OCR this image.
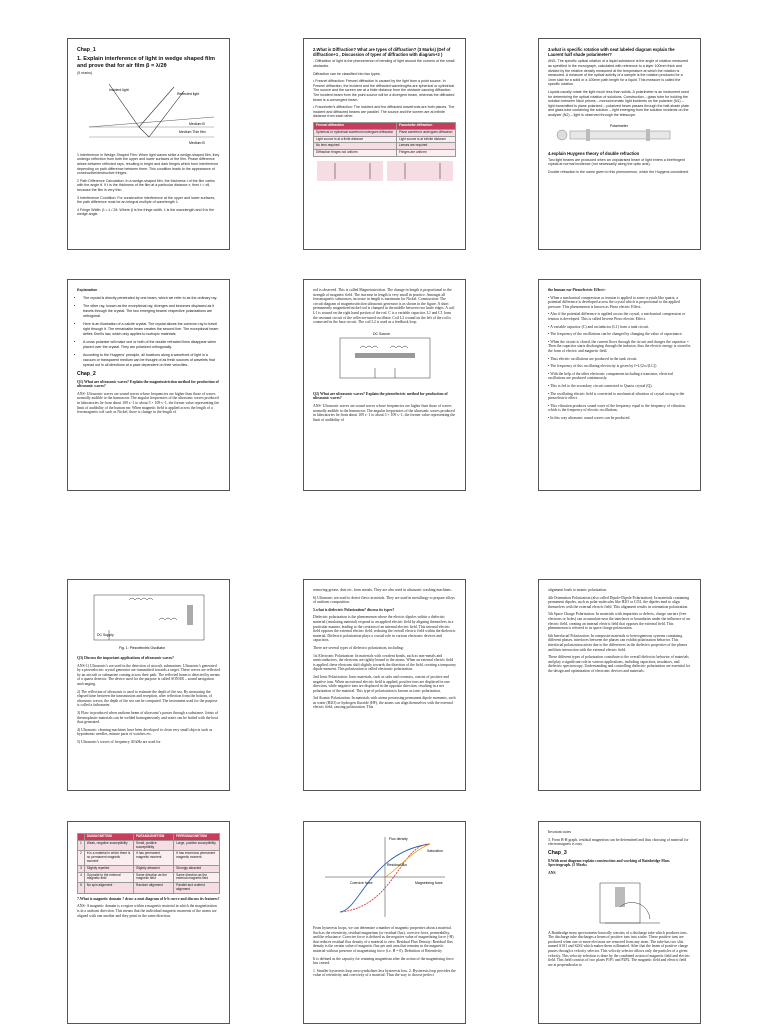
Chap_1
1. Explain interference of light in wedge shaped film and prove that for air film β = λ/2θ
(5 marks)
Incident light
Reflected light
Medium B
Medium Thin film
Medium B

1 Interference in Wedge-Shaped Film: When light waves strike a wedge-shaped film, they undergo reflection from both the upper and lower surfaces of the film. Phase difference arises between reflected rays, resulting in bright and dark fringes which form interference depending on path difference between them. This condition leads to the appearance of constructive/destructive fringes.

2 Path Difference Calculation: In a wedge-shaped film, the thickness t of the film varies with the angle θ. If t is the thickness of the film at a particular distance x, then t = xθ, because the film is very thin.

3 Interference Condition: For constructive interference at the upper and lower surfaces, the path difference must be an integral multiple of wavelength λ.

4 Fringe Width: β = λ / 2θ. Where β is the fringe width, λ is the wavelength and θ is the wedge angle.

2.What is Diffraction? What are types of diffraction? (3 Marks) (Def of diffraction+1 , Discussion of types of diffraction with diagram+2 )

- Diffraction of light is the phenomenon of bending of light around the corners of the small obstacles.

Diffraction can be classified into two types.

• Fresnel diffraction: Fresnel diffraction is caused by the light from a point source. In Fresnel diffraction, the incident and the diffracted wavelengths are spherical or cylindrical. The source and the screen are at a finite distance from the obstacle causing diffraction. The incident beam from the point source will be a divergent beam, whereas the diffracted beam is a convergent beam.

• Fraunhofer's diffraction: The incident and the diffracted wavefronts are both planes. The incident and diffracted beams are parallel. The source and the screen are at infinite distance from each other.

Fresnel diffraction	Fraunhofer diffraction
Spherical or cylindrical wavefront undergoes diffraction	Plane wavefront undergoes diffraction
Light source is at a finite distance	Light source is at infinite distance
No lens required	Lenses are required
Diffraction fringes not uniform	Fringes are uniform
3.what is specific rotation with neat labeled diagram explain the Laurent half shade polarimeter?

ANS- The specific optical rotation of a liquid substance is the angle of rotation measured as specified in the monograph, calculated with reference to a layer 100mm thick and divided by the relative density measured at the temperature at which the rotation is measured. A measure of the optical activity of a sample is the rotation produced for a 1mm slab for a solid or a 100mm path length for a liquid. This measure is called the specific rotation.

Liquids usually rotate the light much less than solids. A polarimeter is an instrument used for determining the optical rotation of solutions. Construction – glass tube for holding the solution between Nicol prisms – monochromatic light incidents on the polarizer (N1) – light transmitted is plane polarized – polarized beam passes through the half-shade plate and glass tube containing the solution – light emerging from the solution incidents on the analyzer (N2) – light is observed through the telescope.

Polarimeter
4.explain Huygens theory of double refraction

Two light beams are produced when an unpolarised beam of light enters a birefringent crystal at normal incidence (not necessarily along the optic axis).

Double refraction is the name given to this phenomenon, which the Huygens considered.

Explanation
• The crystal is directly penetrated by one beam, which we refer to as the ordinary ray.
• The other ray, known as the exceptional ray, diverges and becomes displaced as it travels through the crystal. The two emerging beams' respective polarizations are orthogonal.
• Here is an illustration of a calcite crystal. The crystal allows the common ray to travel right through it. The remarkable beam creates the second line. The exceptional beam defies Snell's law, which only applies to isotropic materials.
• A cross polarizer will make one or both of the double refracted lines disappear when placed over the crystal. They are polarized orthogonally.
• According to the Huygens' principle, all locations along a wavefront of light in a vacuum or transparent medium can be thought of as fresh sources of wavelets that spread out in all directions at a pace dependent on their velocities.
Chap_2
Q1) What are ultrasonic waves? Explain the magnetostriction method for production of ultrasonic waves?

ANS- Ultrasonic waves are sound waves whose frequencies are higher than those of waves normally audible to the human ear. The angular frequencies of the ultrasonic waves produced in laboratories lie from about 109 s−1 to about 3 × 109 s−1, the former value representing the limit of audibility of the human ear. When magnetic field is applied across the length of a ferromagnetic rod such as Nickel, there is change in the length of

rod is observed. This is called Magnetostriction. The change in length is proportional to the strength of magnetic field. The increase in length is very small in practice. Amongst all ferromagnetic substances, increase in length is maximum for Nickel. Construction: The circuit diagram of magnetostriction ultrasonic generator is as shown in the figure. A short permanently magnetized nickel rod is clamped in the middle between two knife edges. A coil L1 is wound on the right hand portion of the rod. C is a variable capacitor. L1 and C1 form the resonant circuit of the collector-tuned oscillator. Coil L2 wound on the left of the rod is connected in the base circuit. The coil L2 is used as a feedback loop.

DC Source
Q2) What are ultrasonic waves? Explain the piezoelectric method for production of ultrasonic waves?

ANS- Ultrasonic waves are sound waves whose frequencies are higher than those of waves normally audible to the human ear. The angular frequencies of the ultrasonic waves produced in laboratories lie from about 109 s−1 to about 3 × 109 s−1, the former value representing the limit of audibility of

the human ear Piezoelectric Effect:-

• When a mechanical compression or tension is applied to some crystals like quartz, a potential difference is developed across the crystal which is proportional to the applied pressure. This phenomenon is known as Piezo electric Effect.

• Also if the potential difference is applied across the crystal, a mechanical compression or tension is developed. This is called Inverse Piezo electric Effect.

• A variable capacitor (C) and an inductor (L1) form a tank circuit.

• The frequency of the oscillations can be changed by changing the value of capacitance.

• When the circuit is closed, the current flows through the circuit and charges the capacitor. • Then the capacitor starts discharging through the inductor, thus the electric energy is stored in the form of electric and magnetic field.

• Thus electric oscillations are produced in the tank circuit.

• The frequency of this oscillating electricity is given by f=1/(2π√(LC))

• With the help of the other electronic components including a transistor, electrical oscillations are produced continuously.

• This is fed to the secondary circuit connected to Quartz crystal (Q).

• The oscillating electric field is converted to mechanical vibration of crystal owing to the piezoelectric effect.

• This vibration produces sound wave of the frequency equal to the frequency of vibration, which is the frequency of electric oscillations.

• In this way ultrasonic sound waves can be produced.

DC Supply
Fig. 1: Piezoelectric Oscillator

Q3) Discuss the important applications of ultrasonic waves?

ANS-1) Ultrasonic's are used in the detection of aircraft, submarines. Ultrasonic's generated by a piezoelectric crystal generator are transmitted towards a target. These waves are reflected by an aircraft or submarine coming across their path. The reflected beam is detected by means of a quartz detector. The device used for the purpose is called SONAR – sound navigation and ranging.

2) The reflection of ultrasonic is used to estimate the depth of the sea. By measuring the elapsed time between the transmission and reception, after reflection from the bottom, of ultrasonic waves, the depth of the sea can be computed. The instrument used for the purpose is called a fathometer.

3) Flaw in produced when uniform beam of ultrasonic's passes through a substance. Joints of thermoplastic materials can be welded homogeneously and water can be boiled with the heat thus generated.

4) Ultrasonic cleaning machines have been developed to clean very small objects such as hypodermic needles, minute parts of watches etc.

5) Ultrasonic's waves of frequency 40 kHz are used for

removing grease, dust etc. from metals. They are also used in ultrasonic washing machines.

6) Ultrasonic are used to detect flaws in metals. They are used in metallurgy to prepare alloys of uniform composition.

5.what is dielectric Polarization? discuss its types?

Dielectric polarization is the phenomenon where the electric dipoles within a dielectric material (insulating material) respond to an applied electric field by aligning themselves in a particular manner, leading to the creation of an internal electric field. This internal electric field opposes the external electric field, reducing the overall electric field within the dielectric material. Dielectric polarization plays a crucial role in various electronic devices and capacitors.

There are several types of dielectric polarization, including:

1st Electronic Polarization: In materials with covalent bonds, such as non-metals and semiconductors, the electrons are tightly bound to the atoms. When an external electric field is applied, these electrons shift slightly towards the direction of the field, creating a temporary dipole moment. This polarization is called electronic polarization.

2nd Ionic Polarization: Ionic materials, such as salts and ceramics, consist of positive and negative ions. When an external electric field is applied, positive ions are displaced in one direction, while negative ions are displaced in the opposite direction, resulting in a net polarization of the material. This type of polarization is known as ionic polarization.

3rd Atomic Polarization: In materials with atoms possessing permanent dipole moments, such as water (H2O) or hydrogen fluoride (HF), the atoms can align themselves with the external electric field, causing polarization. This

alignment leads to atomic polarization.

4th Orientation Polarization (also called Dipole-Dipole Polarization): In materials containing permanent dipoles, such as polar molecules like H2O or CO2, the dipoles tend to align themselves with the external electric field. This alignment results in orientation polarization.

5th Space Charge Polarization: In materials with impurities or defects, charge carriers (free electrons or holes) can accumulate near the interfaces or boundaries under the influence of an electric field, creating an internal electric field that opposes the external field. This phenomenon is referred to as space charge polarization.

6th Interfacial Polarization: In composite materials or heterogeneous systems containing different phases, interfaces between the phases can exhibit polarization behavior. This interfacial polarization arises due to the differences in the dielectric properties of the phases and their interaction with the external electric field.

These different types of polarization contribute to the overall dielectric behavior of materials and play a significant role in various applications, including capacitors, insulators, and dielectric spectroscopy. Understanding and controlling dielectric polarization are essential for the design and optimization of electronic devices and materials.

	DIAMAGNETISM	PARAMAGNETISM	FERROMAGNETISM
1	Weak, negative susceptibility	Small, positive susceptibility	Large, positive susceptibility
2	It is a material in which there is no permanent magnetic moment	It has permanent magnetic moment	It has enormous permanent magnetic moment
3	Slightly repelled	Slightly attracted	Strongly attracted
4	Opposite to the external magnetic field	Same direction as the magnetic field	Same direction as the external magnetic field
5	No spin alignment	Random alignment	Parallel and ordered alignment

7.What is magnetic domain ? draw a neat diagram of b-h curve and discuss its features?

ANS- A magnetic domain is a region within a magnetic material in which the magnetization is in a uniform direction. This means that the individual magnetic moments of the atoms are aligned with one another and they point in the same direction.

Magnetizing force
Flux density
Residual flux
Coercive force
Saturation

From hysteresis loops, we can determine a number of magnetic properties about a material. Such as the retentivity, residual magnetism (or residual flux), coercive force, permeability, and the reluctance. Coercive force is defined as the negative value of magnetizing force (-H) that reduces residual flux density of a material to zero. Residual Flux Density: Residual flux density is the certain value of magnetic flux per unit area that remains in the magnetic material without presence of magnetizing force (i.e. H = 0). Definition of Retentivity

It is defined as the capacity for retaining magnetism after the action of the magnetizing force has ceased.

1. Smaller hysteresis loop area symbolizes less hysteresis loss. 2. Hysteresis loop provides the value of retentivity and coercivity of a material. Thus the way to choose perfect

Invariant states

3. From B-H graph, residual magnetism can be determined and thus choosing of material for electromagnets is easy.

Chap_3
8.With neat diagram explain construction and working of Bainbridge Mass Spectrograph. (5 Marks
ANS

A Bainbridge mass spectrometer basically consists of a discharge tube which produces ions. The discharge tube discharges a beam of positive ions into a tube. These positive ions are produced when one or more electrons are removed from any atom. The tube has two slits named S1S1 and S2S2 which makes them collimated. After that the beam of positive charge passes through a velocity selector. This velocity selector allows only the particles of a given velocity. This velocity selection is done by the combined action of magnetic field and electric field. This field consists of two plates P1P1 and P2P2. The magnetic field and electric field are at perpendicular to
